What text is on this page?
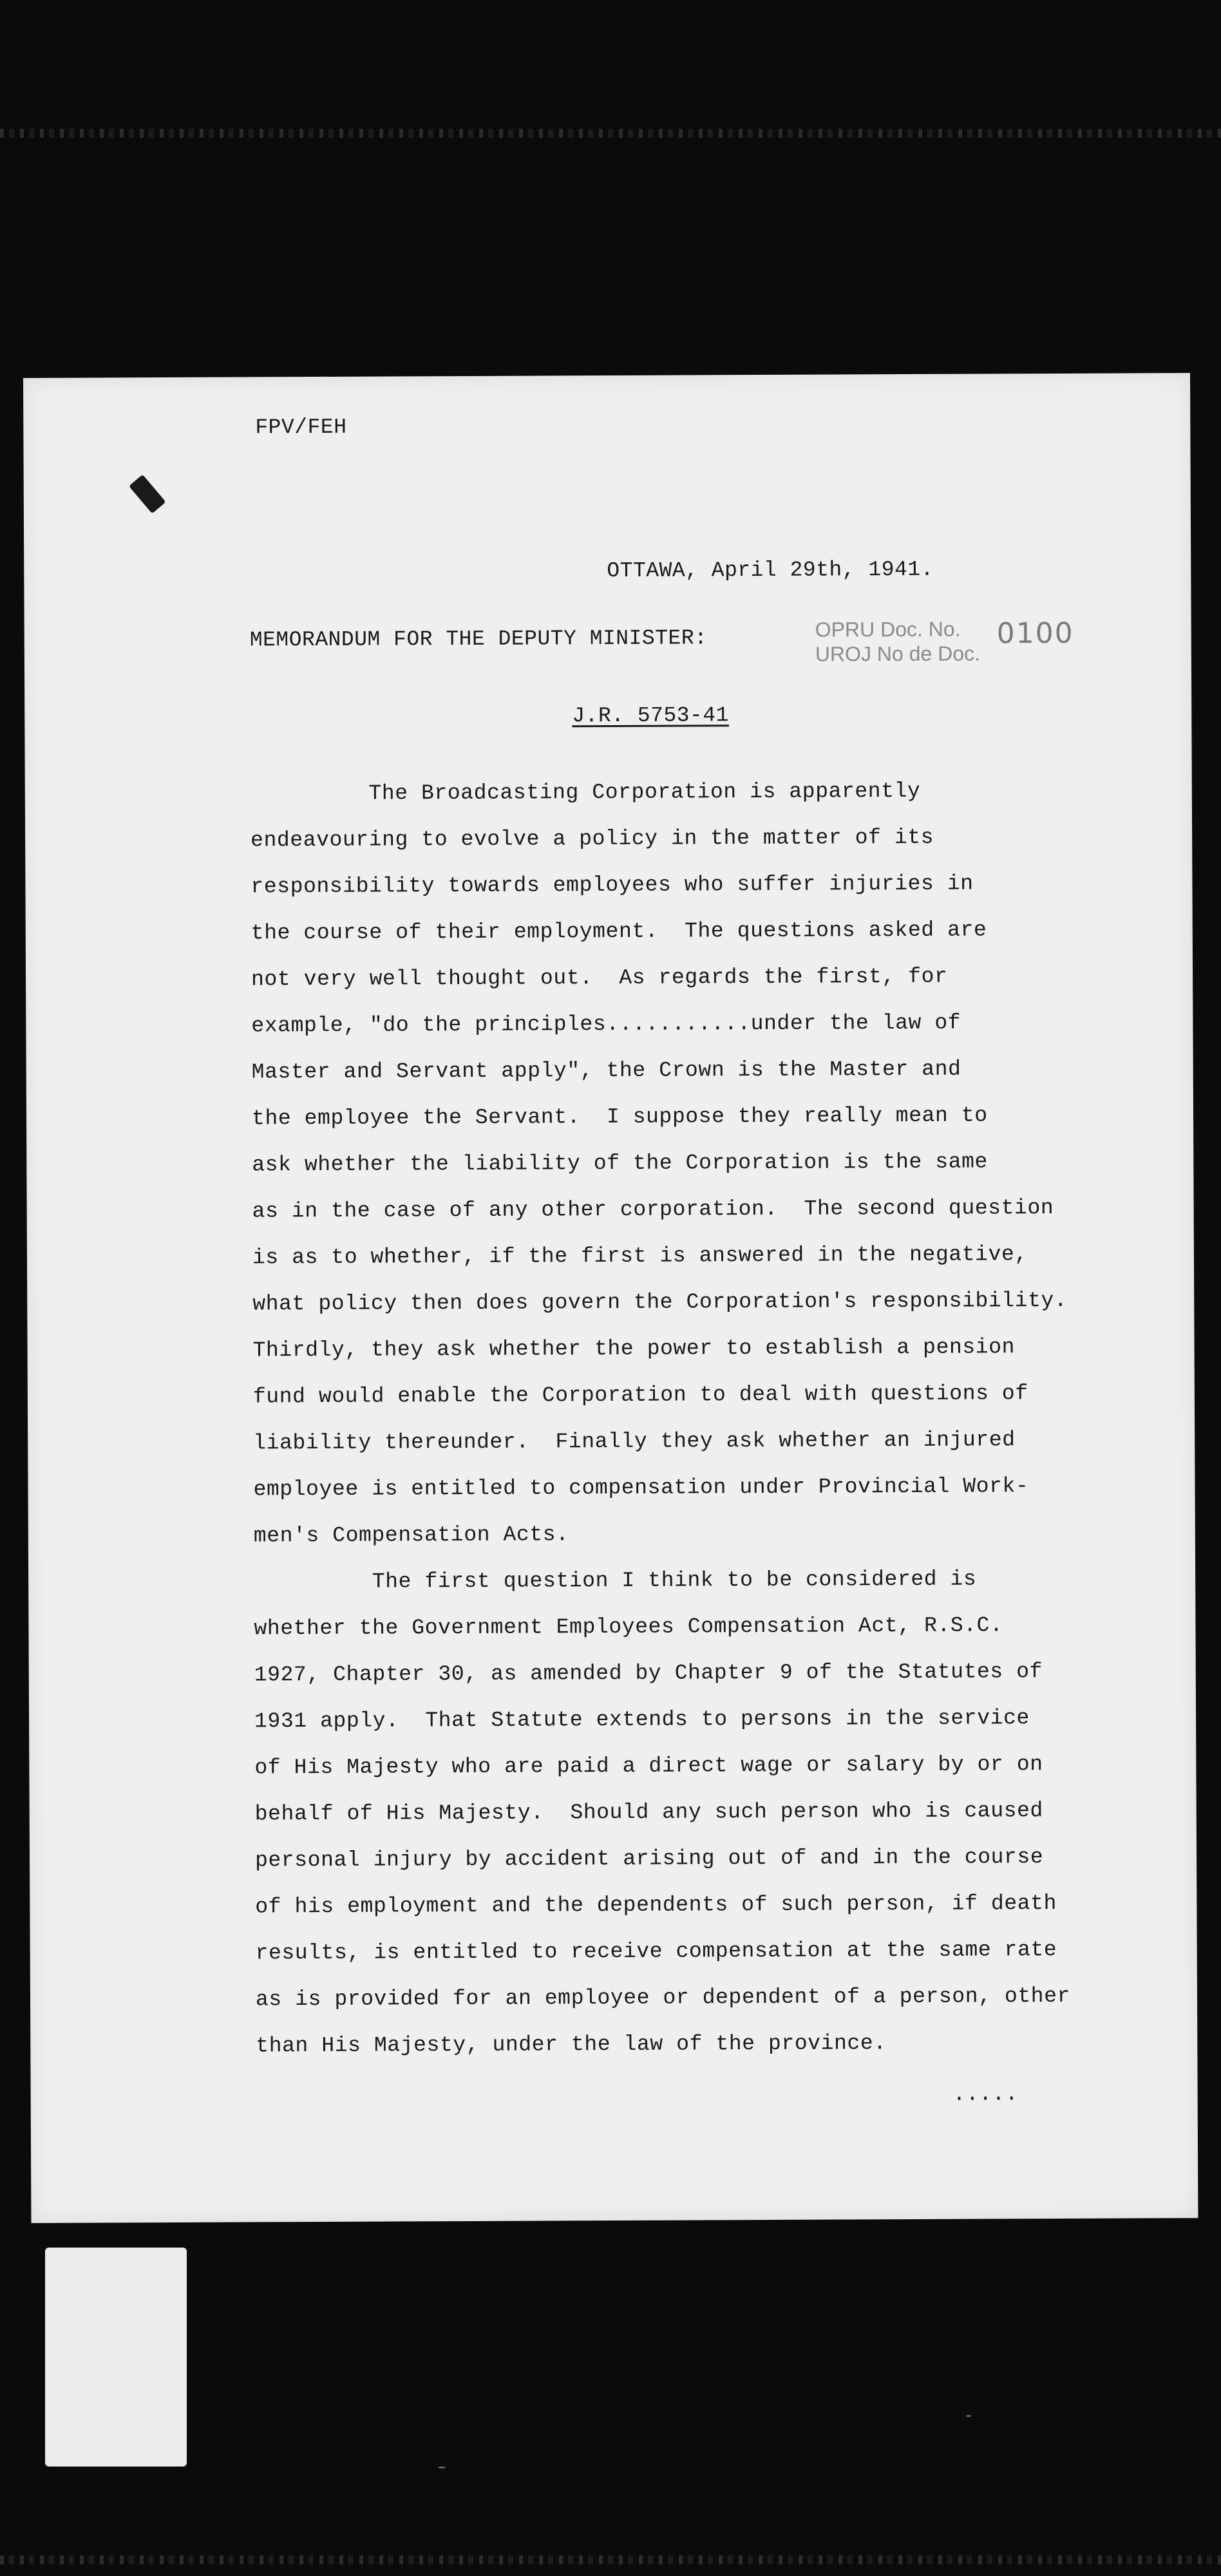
FPV/FEH
OTTAWA, April 29th, 1941.
MEMORANDUM FOR THE DEPUTY MINISTER:	OPRU Doc. No.
UROJ No de Doc.
0100
J.R. 5753-41
The Broadcasting Corporation is apparently
endeavouring to evolve a policy in the matter of its
responsibility towards employees who suffer injuries in
the course of their employment.  The questions asked are
not very well thought out.  As regards the first, for
example, "do the principles...........under the law of
Master and Servant apply", the Crown is the Master and
the employee the Servant.  I suppose they really mean to
ask whether the liability of the Corporation is the same
as in the case of any other corporation.  The second question
is as to whether, if the first is answered in the negative,
what policy then does govern the Corporation's responsibility.
Thirdly, they ask whether the power to establish a pension
fund would enable the Corporation to deal with questions of
liability thereunder.  Finally they ask whether an injured
employee is entitled to compensation under Provincial Work-
men's Compensation Acts.
The first question I think to be considered is
whether the Government Employees Compensation Act, R.S.C.
1927, Chapter 30, as amended by Chapter 9 of the Statutes of
1931 apply.  That Statute extends to persons in the service
of His Majesty who are paid a direct wage or salary by or on
behalf of His Majesty.  Should any such person who is caused
personal injury by accident arising out of and in the course
of his employment and the dependents of such person, if death
results, is entitled to receive compensation at the same rate
as is provided for an employee or dependent of a person, other
than His Majesty, under the law of the province.
.....
